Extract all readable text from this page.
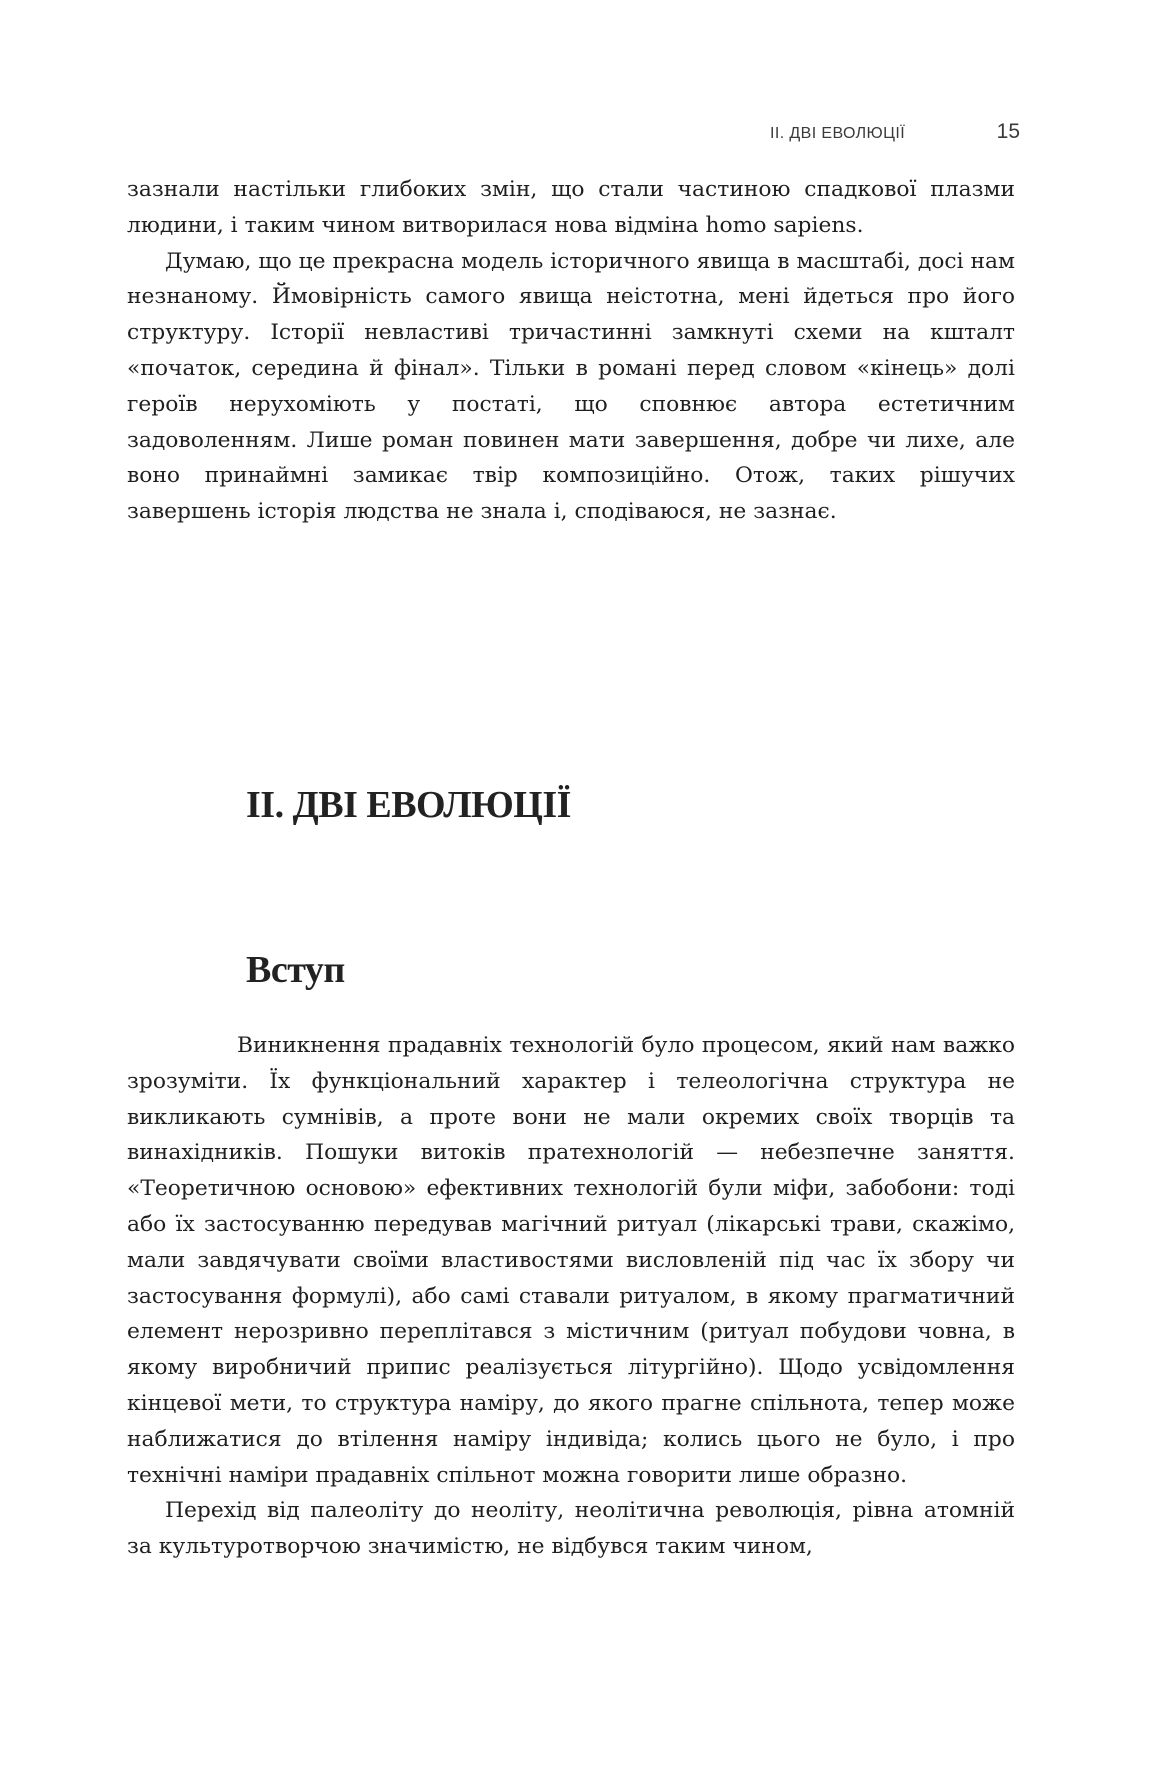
II. ДВІ ЕВОЛЮЦІЇ	15

зазнали настільки глибоких змін, що стали частиною спадкової плазми людини, і таким чином витворилася нова відміна homo sapiens.

Думаю, що це прекрасна модель історичного явища в масштабі, досі нам незнаному. Ймовірність самого явища неістотна, мені йдеться про його структуру. Історії невластиві тричастинні замкнуті схеми на кшталт «початок, середина й фінал». Тільки в романі перед словом «кінець» долі героїв нерухоміють у постаті, що сповнює автора естетичним задоволенням. Лише роман повинен мати завершення, добре чи лихе, але воно принаймні замикає твір композиційно. Отож, таких рішучих завершень історія людства не знала і, сподіваюся, не зазнає.

II. ДВІ ЕВОЛЮЦІЇ
Вступ

Виникнення прадавніх технологій було процесом, який нам важко зрозуміти. Їх функціональний характер і телеологічна структура не викликають сумнівів, а проте вони не мали окремих своїх творців та винахідників. Пошуки витоків пратехнологій — небезпечне заняття. «Теоретичною основою» ефективних технологій були міфи, забобони: тоді або їх застосуванню передував магічний ритуал (лікарські трави, скажімо, мали завдячувати своїми властивостями висловленій під час їх збору чи застосування формулі), або самі ставали ритуалом, в якому прагматичний елемент нерозривно переплітався з містичним (ритуал побудови човна, в якому виробничий припис реалізується літургійно). Щодо усвідомлення кінцевої мети, то структура наміру, до якого прагне спільнота, тепер може наближатися до втілення наміру індивіда; колись цього не було, і про технічні наміри прадавніх спільнот можна говорити лише образно.

Перехід від палеоліту до неоліту, неолітична революція, рівна атомній за культуротворчою значимістю, не відбувся таким чином,
